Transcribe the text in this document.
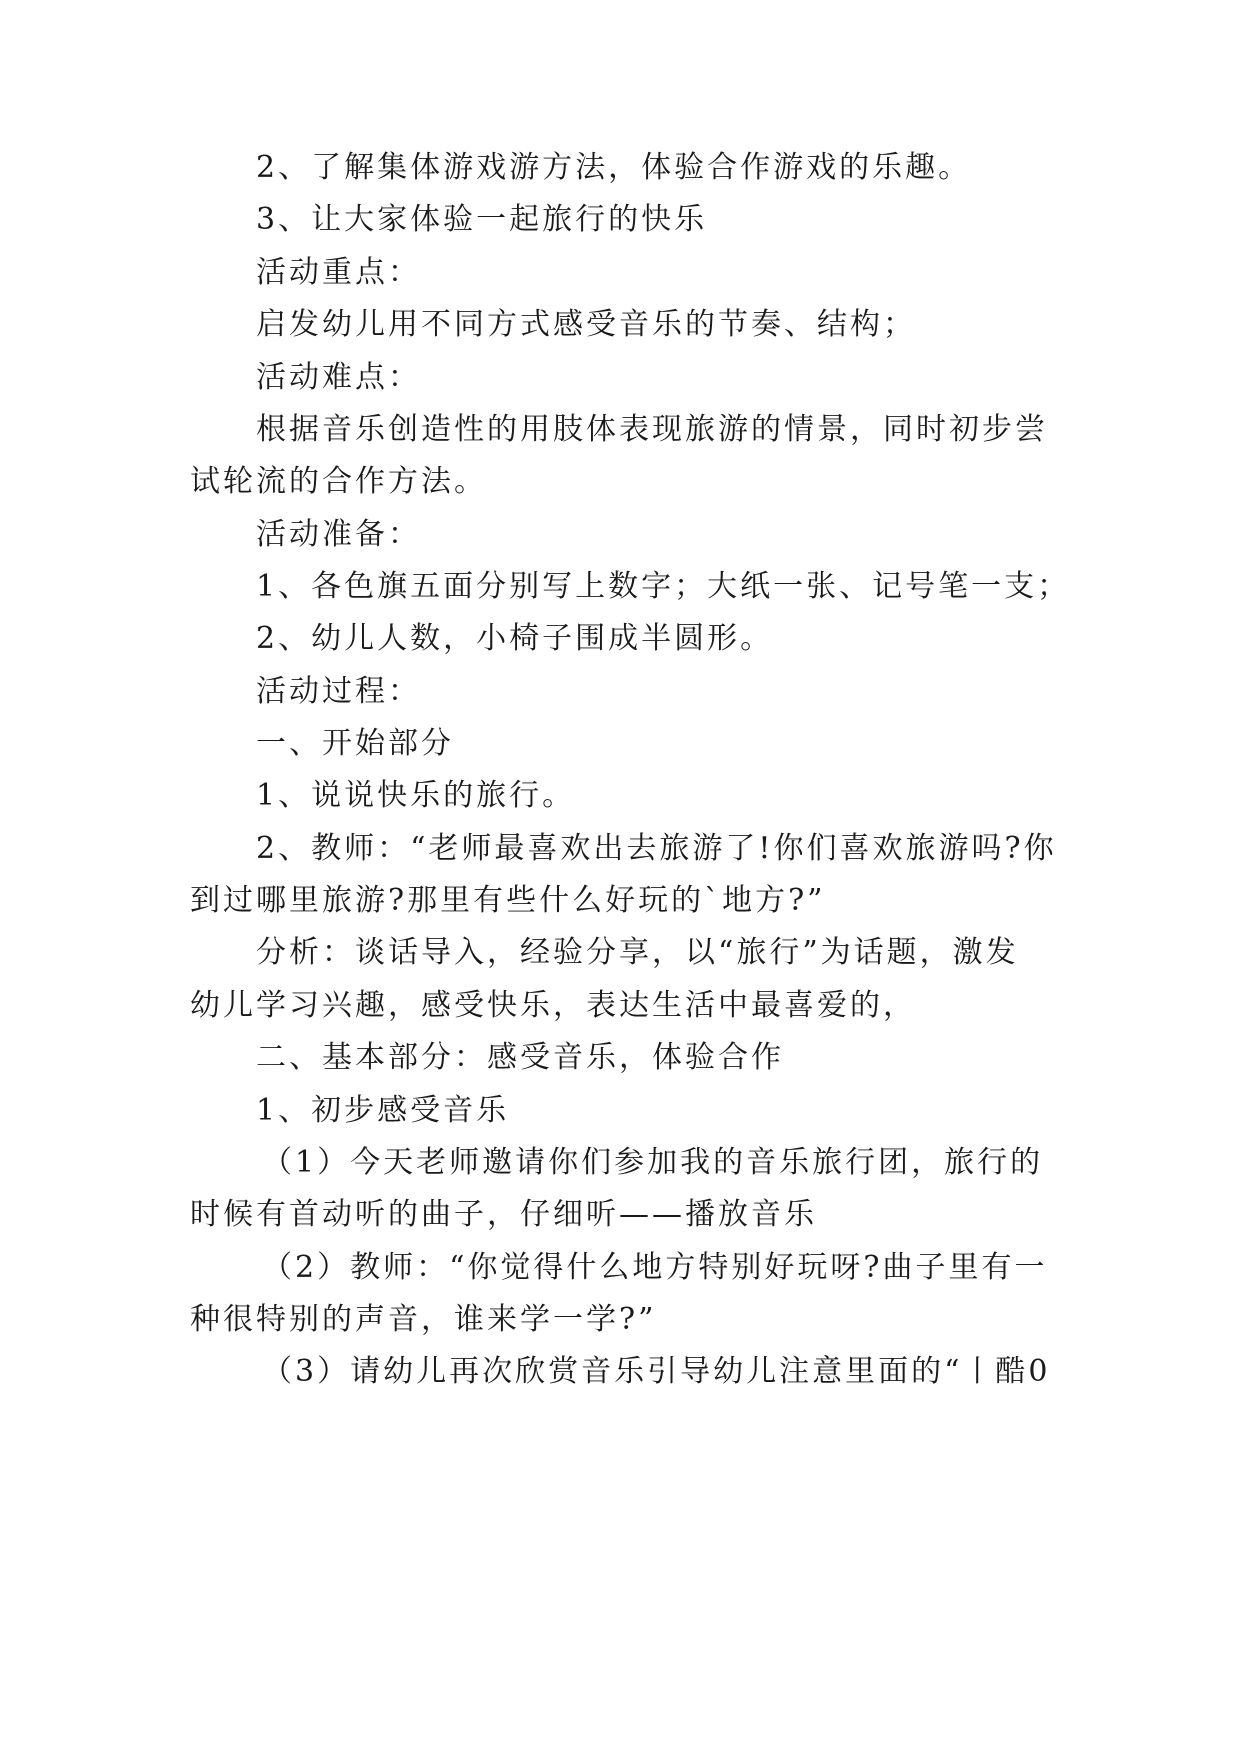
2、了解集体游戏游方法，体验合作游戏的乐趣。
3、让大家体验一起旅行的快乐
活动重点：
启发幼儿用不同方式感受音乐的节奏、结构；
活动难点：
根据音乐创造性的用肢体表现旅游的情景，同时初步尝
试轮流的合作方法。
活动准备：
1、各色旗五面分别写上数字；大纸一张、记号笔一支；
2、幼儿人数，小椅子围成半圆形。
活动过程：
一、开始部分
1、说说快乐的旅行。
2、教师：“老师最喜欢出去旅游了!你们喜欢旅游吗?你
到过哪里旅游?那里有些什么好玩的`地方?”
分析：谈话导入，经验分享，以“旅行”为话题，激发
幼儿学习兴趣，感受快乐，表达生活中最喜爱的，
二、基本部分：感受音乐，体验合作
1、初步感受音乐
（1）今天老师邀请你们参加我的音乐旅行团，旅行的
时候有首动听的曲子，仔细听——播放音乐
（2）教师：“你觉得什么地方特别好玩呀?曲子里有一
种很特别的声音，谁来学一学?”
（3）请幼儿再次欣赏音乐引导幼儿注意里面的“丨酷0
